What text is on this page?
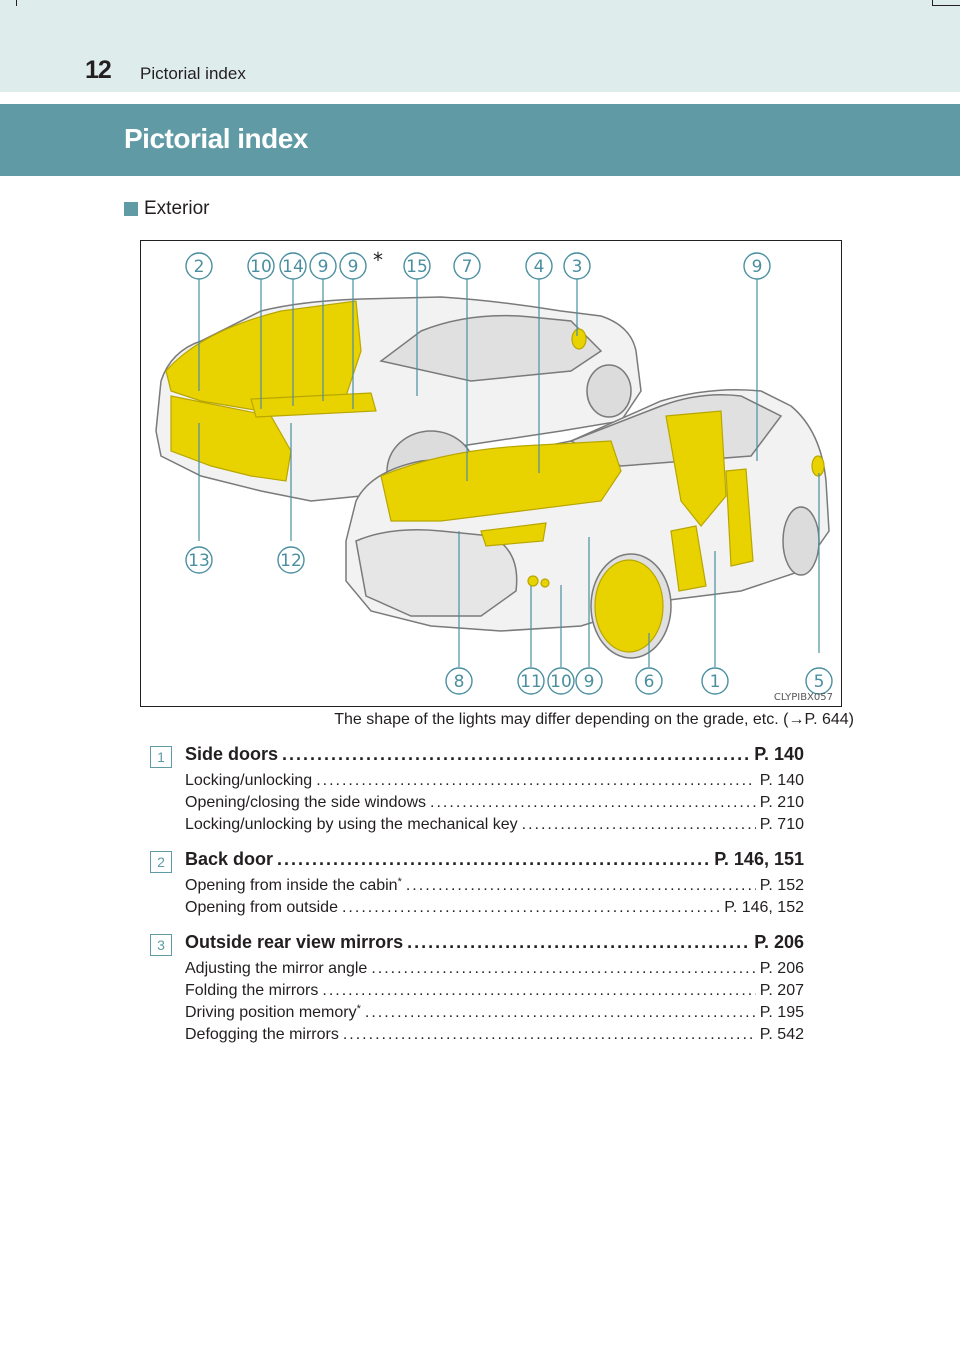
12 Pictorial index
Pictorial index
Exterior
2	10 14 9 9	15 7	4 3	9
13	12
8	11 10 9	6	1	5
*
CLYPIBX057
The shape of the lights may differ depending on the grade, etc. (→P. 644)
1	Side doors .....	P. 140
Locking/unlocking .....	P. 140
Opening/closing the side windows .....	P. 210
Locking/unlocking by using the mechanical key .....	P. 710
2	Back door .....	P. 146, 151
Opening from inside the cabin* .....	P. 152
Opening from outside .....	P. 146, 152
3	Outside rear view mirrors .....	P. 206
Adjusting the mirror angle .....	P. 206
Folding the mirrors .....	P. 207
Driving position memory* .....	P. 195
Defogging the mirrors .....	P. 542
